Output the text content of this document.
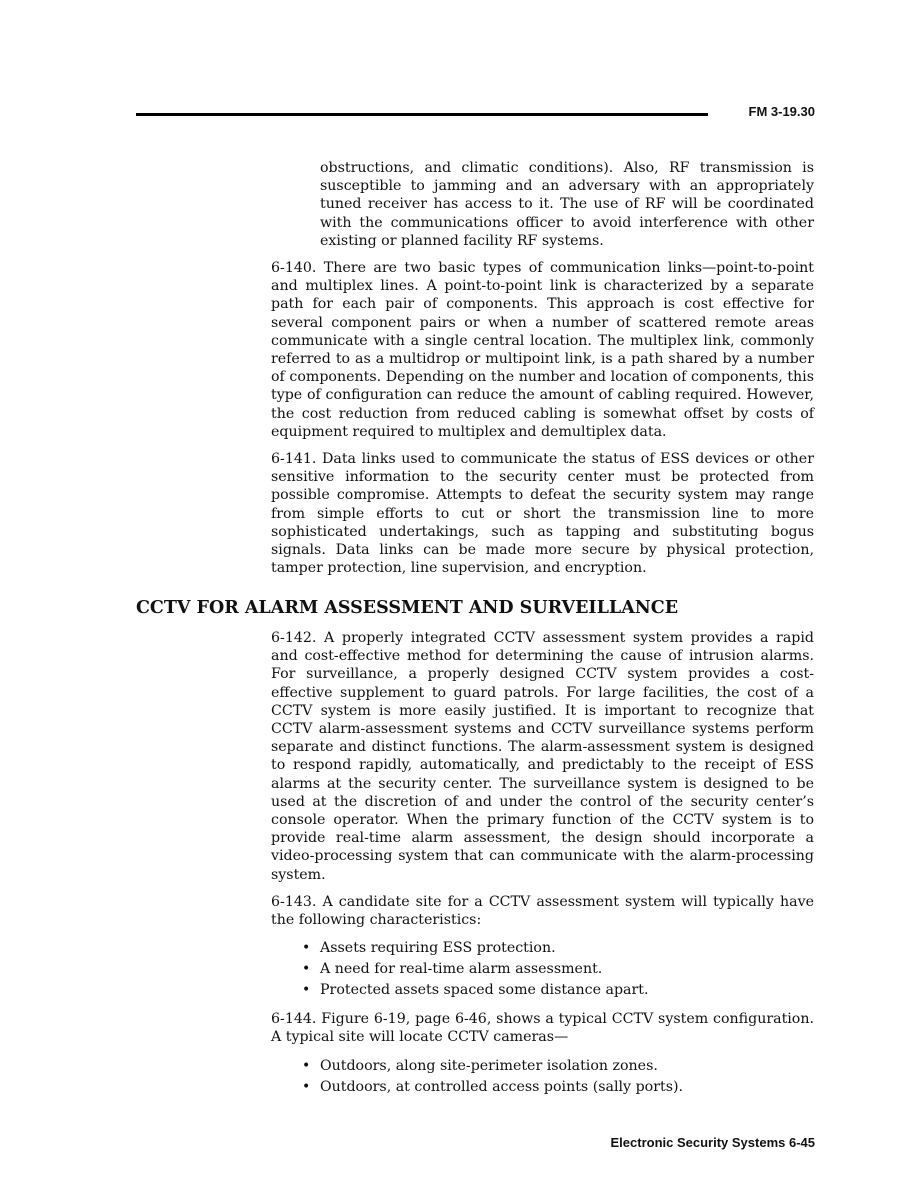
FM 3-19.30

obstructions, and climatic conditions). Also, RF transmission is susceptible to jamming and an adversary with an appropriately tuned receiver has access to it. The use of RF will be coordinated with the communications officer to avoid interference with other existing or planned facility RF systems.

6-140. There are two basic types of communication links—point-to-point and multiplex lines. A point-to-point link is characterized by a separate path for each pair of components. This approach is cost effective for several component pairs or when a number of scattered remote areas communicate with a single central location. The multiplex link, commonly referred to as a multidrop or multipoint link, is a path shared by a number of components. Depending on the number and location of components, this type of configuration can reduce the amount of cabling required. However, the cost reduction from reduced cabling is somewhat offset by costs of equipment required to multiplex and demultiplex data.

6-141. Data links used to communicate the status of ESS devices or other sensitive information to the security center must be protected from possible compromise. Attempts to defeat the security system may range from simple efforts to cut or short the transmission line to more sophisticated undertakings, such as tapping and substituting bogus signals. Data links can be made more secure by physical protection, tamper protection, line supervision, and encryption.

CCTV FOR ALARM ASSESSMENT AND SURVEILLANCE

6-142. A properly integrated CCTV assessment system provides a rapid and cost-effective method for determining the cause of intrusion alarms. For surveillance, a properly designed CCTV system provides a cost-effective supplement to guard patrols. For large facilities, the cost of a CCTV system is more easily justified. It is important to recognize that CCTV alarm-assessment systems and CCTV surveillance systems perform separate and distinct functions. The alarm-assessment system is designed to respond rapidly, automatically, and predictably to the receipt of ESS alarms at the security center. The surveillance system is designed to be used at the discretion of and under the control of the security center’s console operator. When the primary function of the CCTV system is to provide real-time alarm assessment, the design should incorporate a video-processing system that can communicate with the alarm-processing system.

6-143. A candidate site for a CCTV assessment system will typically have the following characteristics:

• Assets requiring ESS protection.
• A need for real-time alarm assessment.
• Protected assets spaced some distance apart.

6-144. Figure 6-19, page 6-46, shows a typical CCTV system configuration. A typical site will locate CCTV cameras—

• Outdoors, along site-perimeter isolation zones.
• Outdoors, at controlled access points (sally ports).
Electronic Security Systems 6-45
